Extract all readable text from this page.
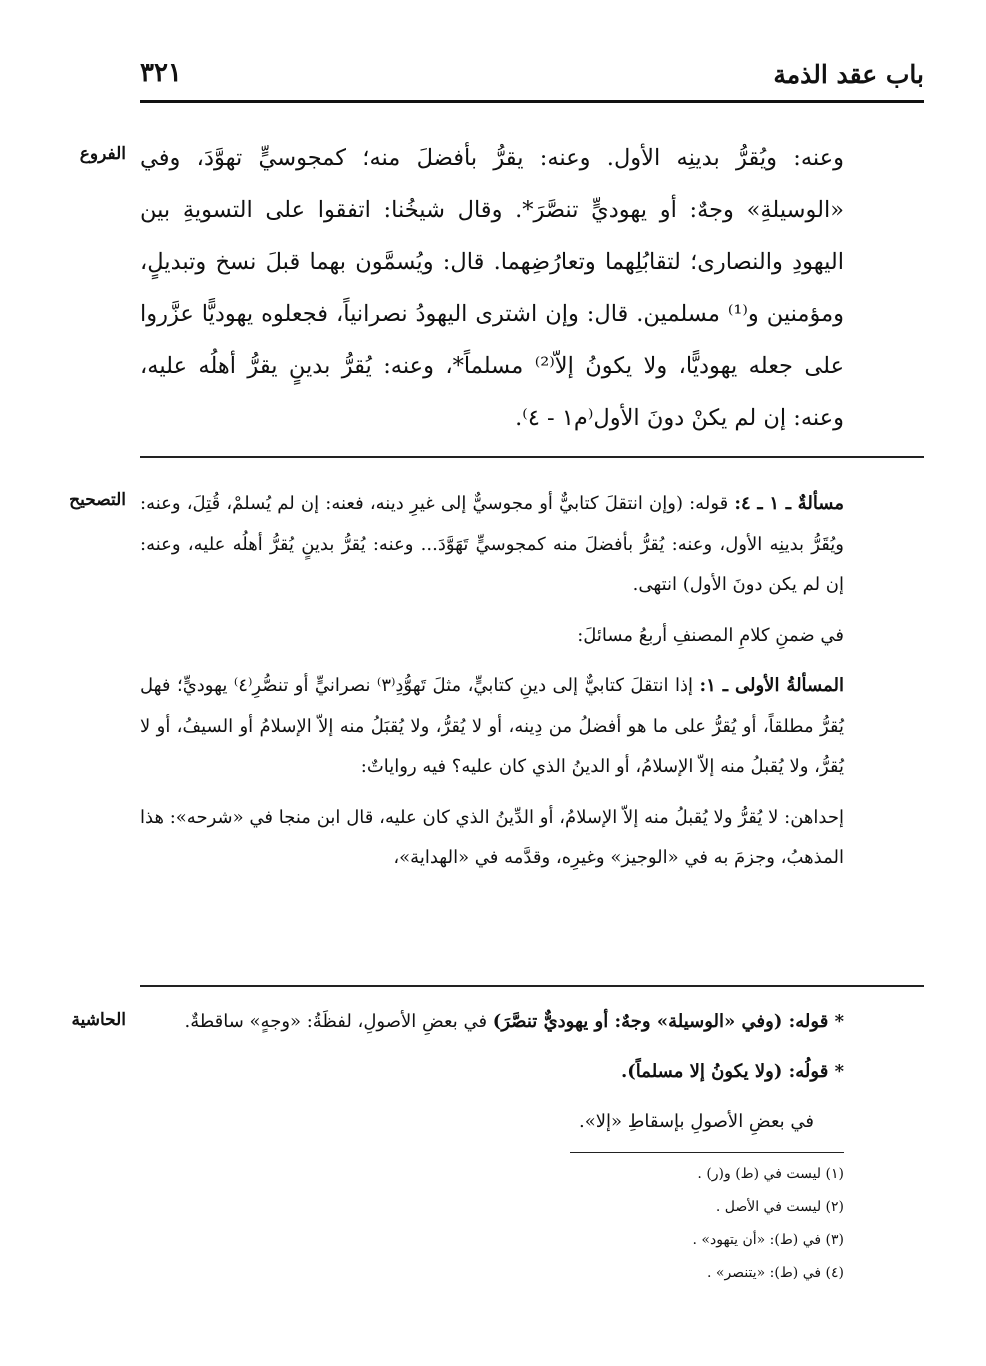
باب عقد الذمة
٣٢١
الفروع وعنه: ويُقرُّ بدينِه الأول. وعنه: يقرُّ بأفضلَ منه؛ كمجوسيٍّ تهوَّدَ، وفي «الوسيلةِ» وجهٌ: أو يهوديٍّ تنصَّرَ*. وقال شيخُنا: اتفقوا على التسويةِ بين اليهودِ والنصارى؛ لتقابُلِهما وتعارُضِهما. قال: ويُسمَّون بهما قبلَ نسخ وتبديلٍ، ومؤمنين و⁽¹⁾ مسلمين. قال: وإن اشترى اليهودُ نصرانياً، فجعلوه يهوديًّا عزَّروا على جعله يهوديًّا، ولا يكونُ إلاّ⁽²⁾ مسلماً*، وعنه: يُقرُّ بدينٍ يقرُّ أهلُه عليه، وعنه: إن لم يكنْ دونَ الأول⁽م١ - ٤⁾.
التصحيح	مسألةٌ ـ ١ ـ ٤: قوله: (وإن انتقلَ كتابيٌّ أو مجوسيٌّ إلى غيرِ دينه، فعنه: إن لم يُسلمْ، قُتِلَ، وعنه: ويُقَرُّ بدينِه الأول، وعنه: يُقرُّ بأفضلَ منه كمجوسيٍّ تَهَوَّدَ... وعنه: يُقرُّ بدينٍ يُقرُّ أهلُه عليه، وعنه: إن لم يكن دونَ الأول) انتهى.

في ضمنِ كلامِ المصنفِ أربعُ مسائلَ:

المسألةُ الأولى ـ ١: إذا انتقلَ كتابيٌّ إلى دينِ كتابيٍّ، مثلَ تَهوُّدِ⁽٣⁾ نصرانيٍّ أو تنصُّرِ⁽٤⁾ يهوديٍّ؛ فهل يُقرُّ مطلقاً، أو يُقرُّ على ما هو أفضلُ من دِينه، أو لا يُقرُّ، ولا يُقبَلُ منه إلاّ الإسلامُ أو السيفُ، أو لا يُقرُّ، ولا يُقبلُ منه إلاّ الإسلامُ، أو الدينُ الذي كان عليه؟ فيه رواياتٌ:

إحداهن: لا يُقرُّ ولا يُقبلُ منه إلاّ الإسلامُ، أو الدِّينُ الذي كان عليه، قال ابن منجا في «شرحه»: هذا المذهبُ، وجزمَ به في «الوجيز» وغيرِه، وقدَّمه في «الهداية»،

الحاشية	* قوله: (وفي «الوسيلة» وجهٌ: أو يهوديٌّ تنصَّرَ) في بعضِ الأصولِ، لفظَةُ: «وجهٍ» ساقطةٌ.

* قولُه: (ولا يكونُ إلا مسلماً).

في بعضِ الأصولِ بإسقاطِ «إلا».

(١) ليست في (ط) و(ر) .

(٢) ليست في الأصل .

(٣) في (ط): «أن يتهود» .

(٤) في (ط): «يتنصر» .
